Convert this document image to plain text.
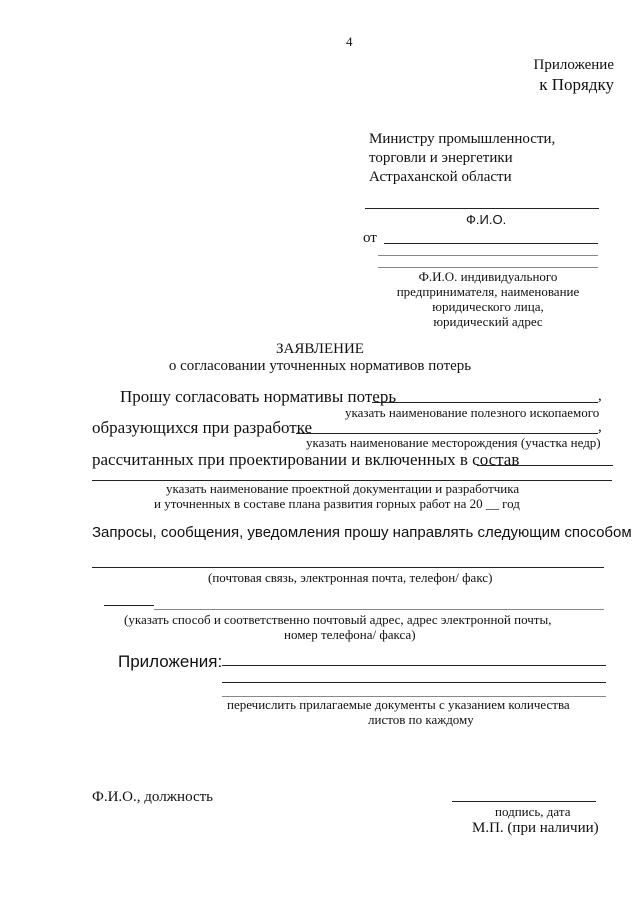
4
Приложение
к Порядку
Министру промышленности,
торговли и энергетики
Астраханской области
Ф.И.О.
от
Ф.И.О. индивидуального
предпринимателя, наименование
юридического лица,
юридический адрес
ЗАЯВЛЕНИЕ
о согласовании уточненных нормативов потерь
Прошу согласовать нормативы потерь	,
указать наименование полезного ископаемого
образующихся при разработке	,
указать наименование месторождения (участка недр)
рассчитанных при проектировании и включенных в состав
указать наименование проектной документации и разработчика
и уточненных в составе плана развития горных работ на 20 __ год
Запросы, сообщения, уведомления прошу направлять следующим способом
(почтовая связь, электронная почта, телефон/ факс)
(указать способ и соответственно почтовый адрес, адрес электронной почты,
номер телефона/ факса)
Приложения:
перечислить прилагаемые документы с указанием количества
листов по каждому
Ф.И.О., должность
подпись, дата
М.П. (при наличии)
